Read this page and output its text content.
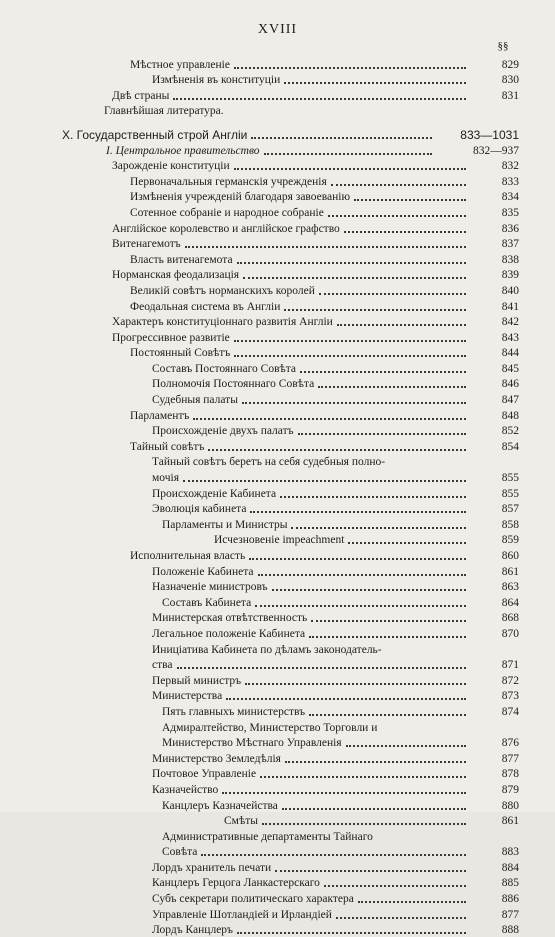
XVIII
§§
Мѣстное управленіе	829
Измѣненія въ конституціи	830
Двѣ страны	831
Главнѣйшая литература.
X. Государственный строй Англіи	833—1031
I. Центральное правительство	832—937
Зарожденіе конституціи	832
Первоначальныя германскія учрежденія	833
Измѣненія учрежденій благодаря завоеванію	834
Сотенное собраніе и народное собраніе	835
Англійское королевство и англійское графство	836
Витенагемотъ	837
Власть витенагемота	838
Норманская феодализація	839
Великій совѣтъ норманскихъ королей	840
Феодальная система въ Англіи	841
Характеръ конституціоннаго развитія Англіи	842
Прогрессивное развитіе	843
Постоянный Совѣтъ	844
Составъ Постояннаго Совѣта	845
Полномочія Постояннаго Совѣта	846
Судебныя палаты	847
Парламентъ	848
Происхожденіе двухъ палатъ	852
Тайный совѣтъ	854
Тайный совѣтъ беретъ на себя судебныя полно-
мочія	855
Происхожденіе Кабинета	855
Эволюція кабинета	857
Парламенты и Министры	858
Исчезновеніе impeachment	859
Исполнительная власть	860
Положеніе Кабинета	861
Назначеніе министровъ	863
Составъ Кабинета	864
Министерская отвѣтственность	868
Легальное положеніе Кабинета	870
Иниціатива Кабинета по дѣламъ законодатель-
ства	871
Первый министръ	872
Министерства	873
Пять главныхъ министерствъ	874
Адмиралтейство, Министерство Торговли и
Министерство Мѣстнаго Управленія	876
Министерство Земледѣлія	877
Почтовое Управленіе	878
Казначейство	879
Канцлеръ Казначейства	880
Смѣты	861
Административные департаменты Тайнаго
Совѣта	883
Лордъ хранитель печати	884
Канцлеръ Герцога Ланкастерскаго	885
Субъ секретари политическаго характера	886
Управленіе Шотландіей и Ирландіей	877
Лордъ Канцлеръ	888
